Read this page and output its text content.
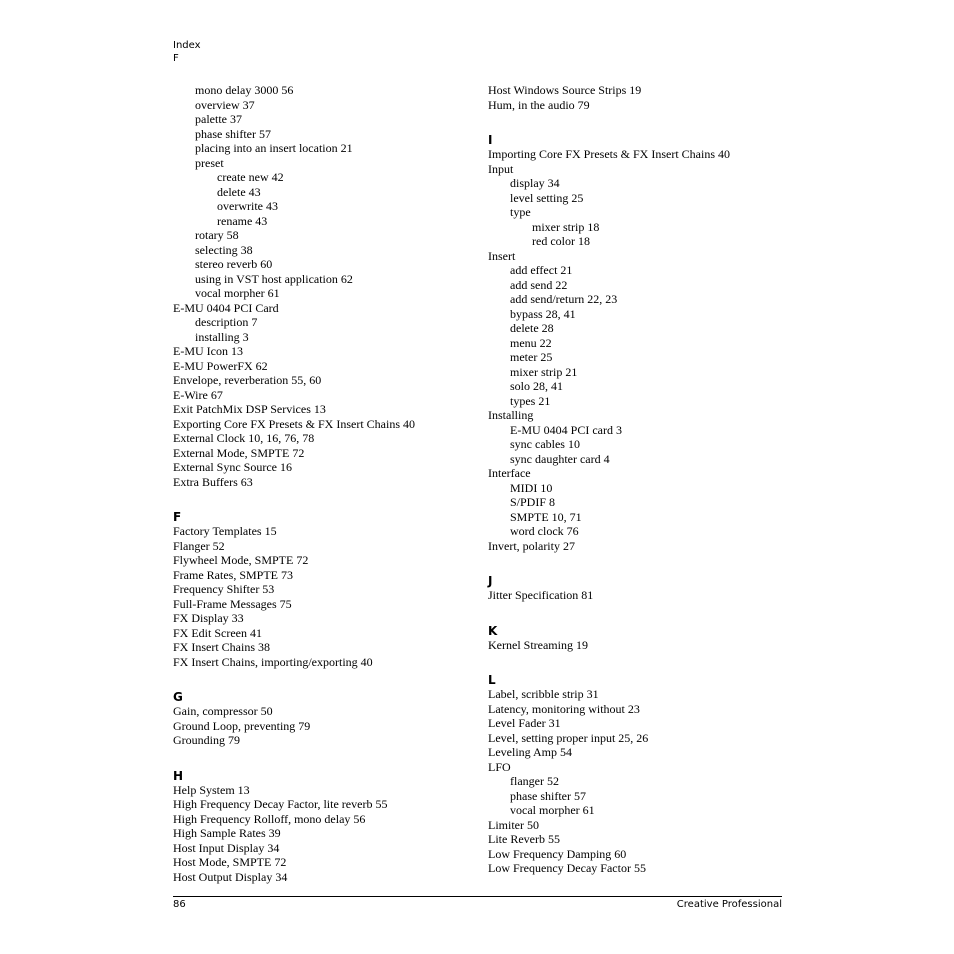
Index
F
mono delay 3000 56
overview 37
palette 37
phase shifter 57
placing into an insert location 21
preset
create new 42
delete 43
overwrite 43
rename 43
rotary 58
selecting 38
stereo reverb 60
using in VST host application 62
vocal morpher 61
E-MU 0404 PCI Card
description 7
installing 3
E-MU Icon 13
E-MU PowerFX 62
Envelope, reverberation 55, 60
E-Wire 67
Exit PatchMix DSP Services 13
Exporting Core FX Presets & FX Insert Chains 40
External Clock 10, 16, 76, 78
External Mode, SMPTE 72
External Sync Source 16
Extra Buffers 63
F
Factory Templates 15
Flanger 52
Flywheel Mode, SMPTE 72
Frame Rates, SMPTE 73
Frequency Shifter 53
Full-Frame Messages 75
FX Display 33
FX Edit Screen 41
FX Insert Chains 38
FX Insert Chains, importing/exporting 40
G
Gain, compressor 50
Ground Loop, preventing 79
Grounding 79
H
Help System 13
High Frequency Decay Factor, lite reverb 55
High Frequency Rolloff, mono delay 56
High Sample Rates 39
Host Input Display 34
Host Mode, SMPTE 72
Host Output Display 34
Host Windows Source Strips 19
Hum, in the audio 79
I
Importing Core FX Presets & FX Insert Chains 40
Input
display 34
level setting 25
type
mixer strip 18
red color 18
Insert
add effect 21
add send 22
add send/return 22, 23
bypass 28, 41
delete 28
menu 22
meter 25
mixer strip 21
solo 28, 41
types 21
Installing
E-MU 0404 PCI card 3
sync cables 10
sync daughter card 4
Interface
MIDI 10
S/PDIF 8
SMPTE 10, 71
word clock 76
Invert, polarity 27
J
Jitter Specification 81
K
Kernel Streaming 19
L
Label, scribble strip 31
Latency, monitoring without 23
Level Fader 31
Level, setting proper input 25, 26
Leveling Amp 54
LFO
flanger 52
phase shifter 57
vocal morpher 61
Limiter 50
Lite Reverb 55
Low Frequency Damping 60
Low Frequency Decay Factor 55
86	Creative Professional
